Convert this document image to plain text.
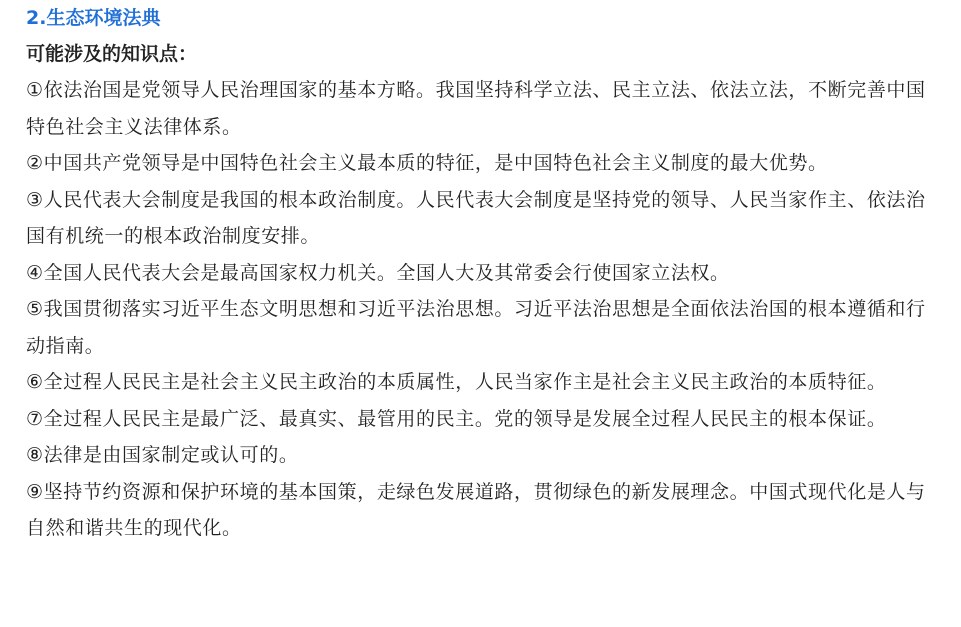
2.生态环境法典
可能涉及的知识点：
①依法治国是党领导人民治理国家的基本方略。我国坚持科学立法、民主立法、依法立法，不断完善中国特色社会主义法律体系。
②中国共产党领导是中国特色社会主义最本质的特征，是中国特色社会主义制度的最大优势。
③人民代表大会制度是我国的根本政治制度。人民代表大会制度是坚持党的领导、人民当家作主、依法治国有机统一的根本政治制度安排。
④全国人民代表大会是最高国家权力机关。全国人大及其常委会行使国家立法权。
⑤我国贯彻落实习近平生态文明思想和习近平法治思想。习近平法治思想是全面依法治国的根本遵循和行动指南。
⑥全过程人民民主是社会主义民主政治的本质属性，人民当家作主是社会主义民主政治的本质特征。
⑦全过程人民民主是最广泛、最真实、最管用的民主。党的领导是发展全过程人民民主的根本保证。
⑧法律是由国家制定或认可的。
⑨坚持节约资源和保护环境的基本国策，走绿色发展道路，贯彻绿色的新发展理念。中国式现代化是人与自然和谐共生的现代化。
